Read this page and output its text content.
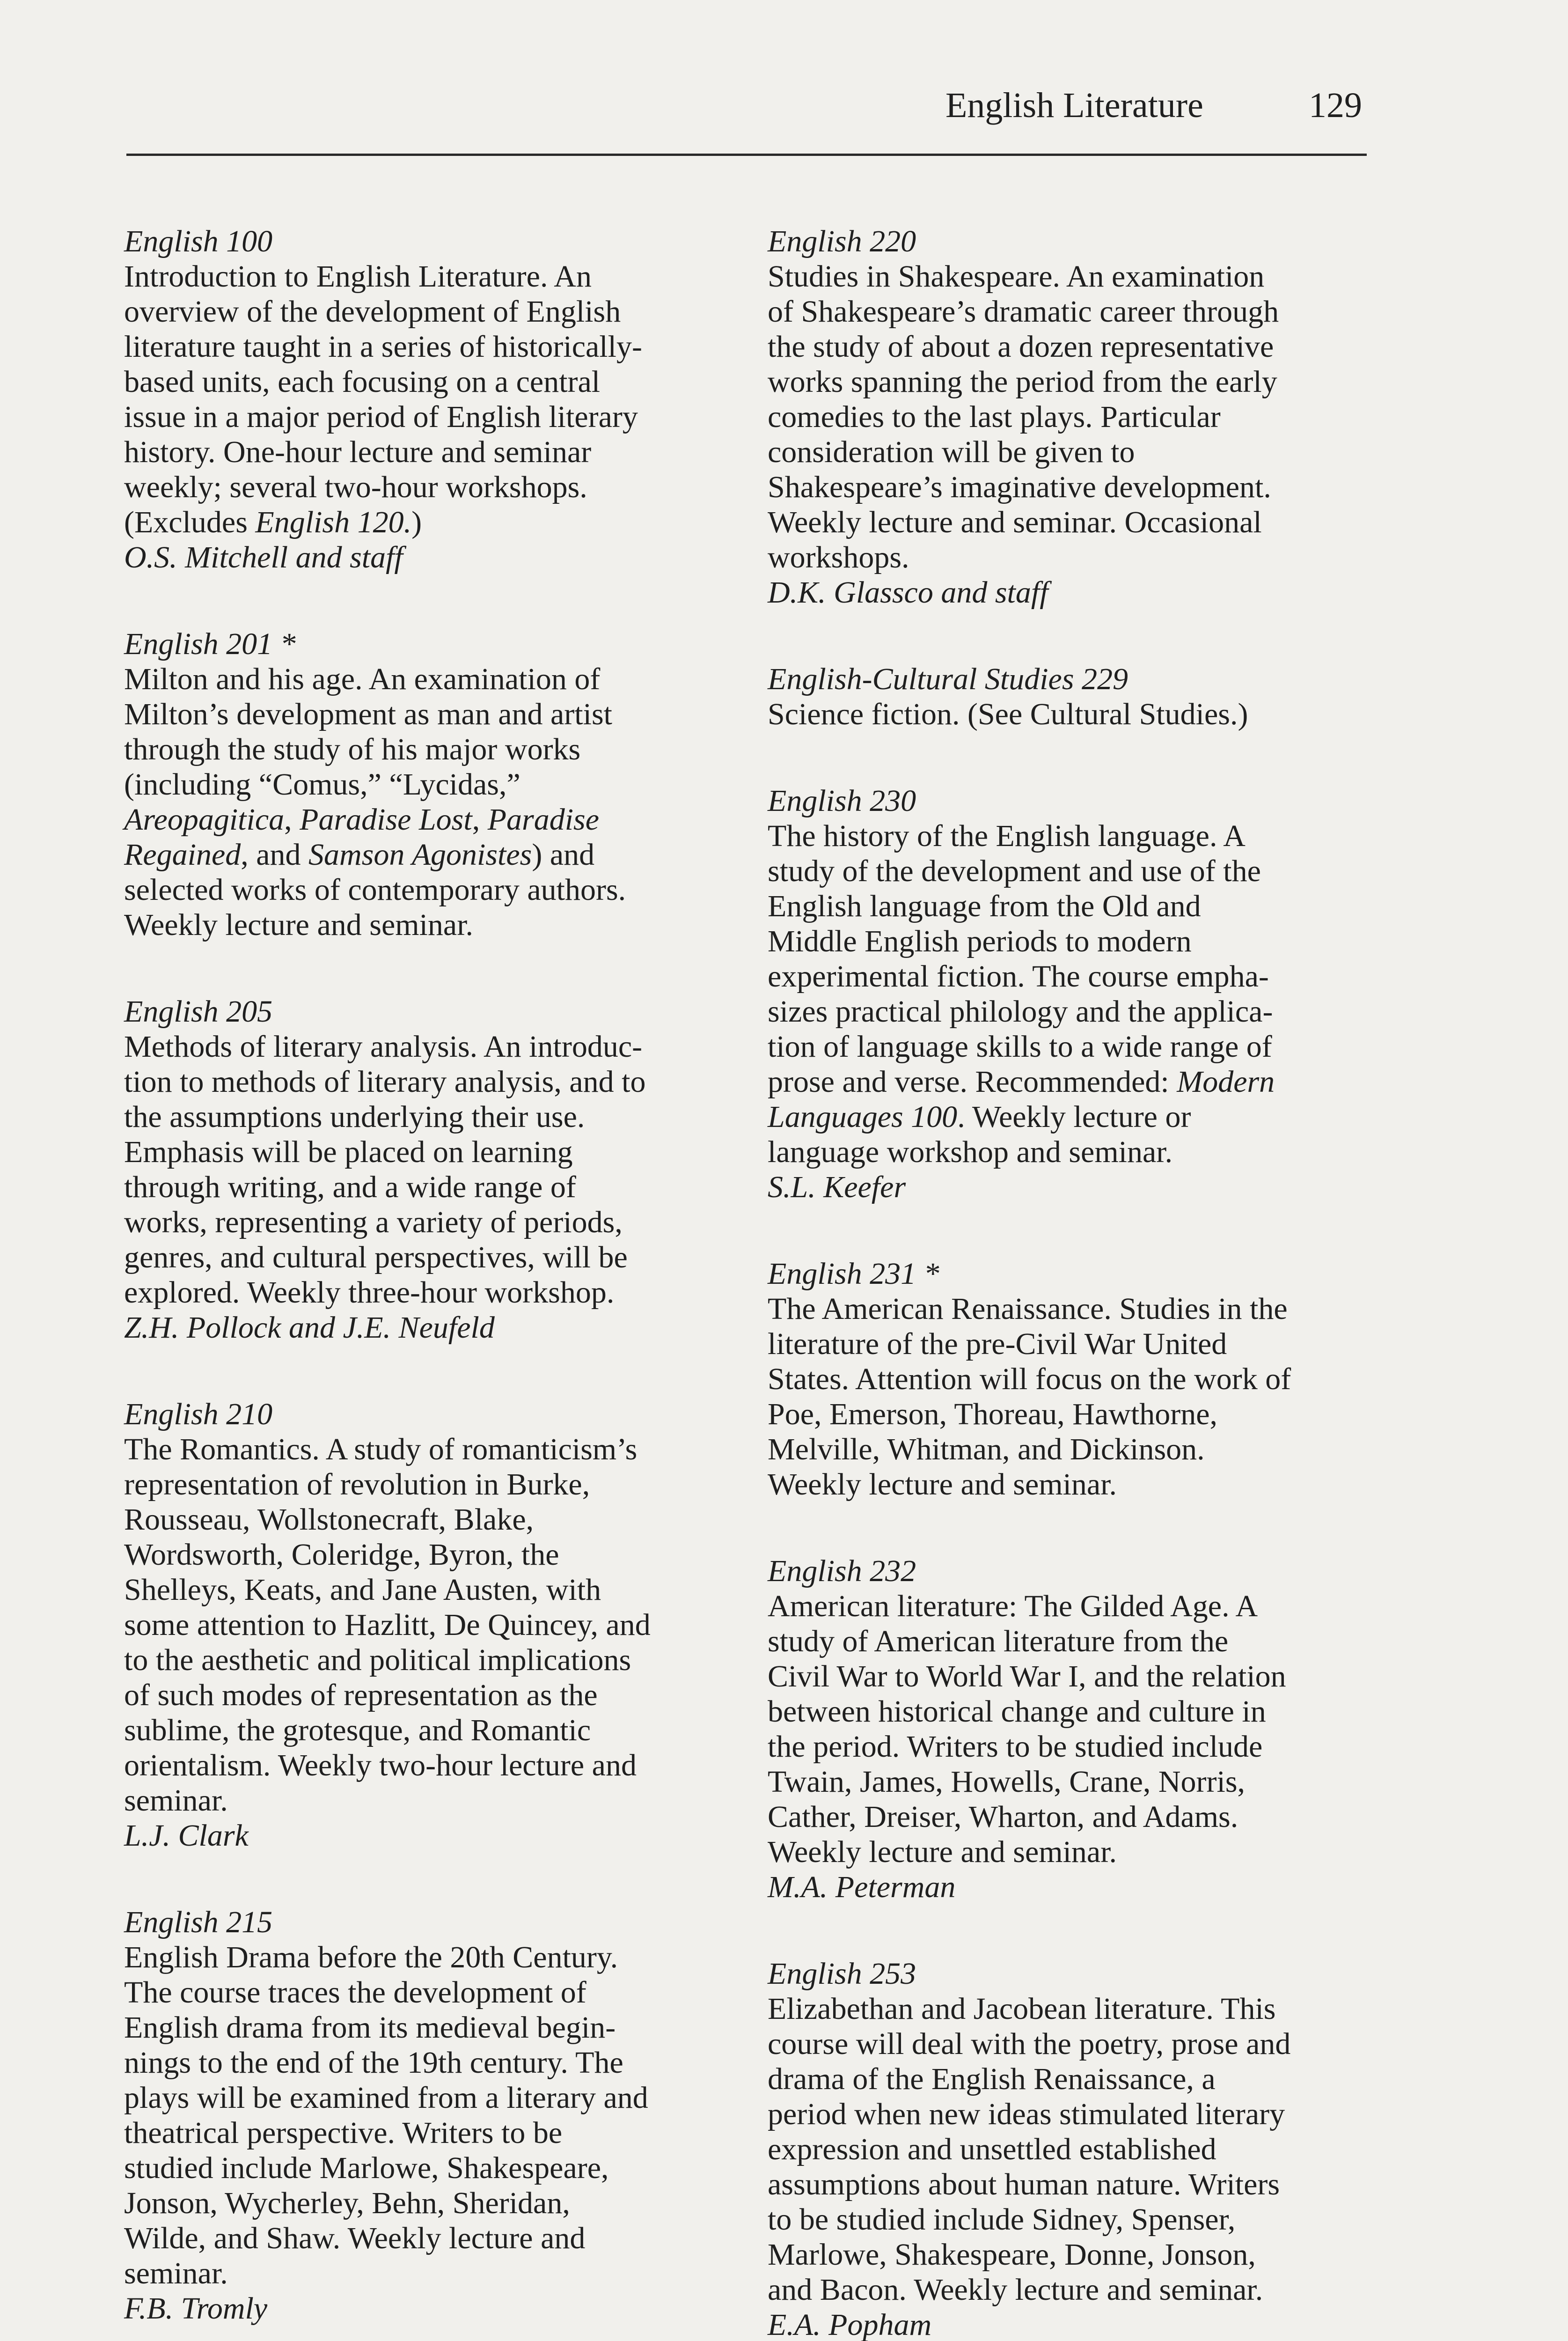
English Literature	129
English 100
Introduction to English Literature. An
overview of the development of English
literature taught in a series of historically-
based units, each focusing on a central
issue in a major period of English literary
history. One-hour lecture and seminar
weekly; several two-hour workshops.
(Excludes English 120.)
O.S. Mitchell and staff
English 201 *
Milton and his age. An examination of
Milton’s development as man and artist
through the study of his major works
(including “Comus,” “Lycidas,”
Areopagitica, Paradise Lost, Paradise
Regained, and Samson Agonistes) and
selected works of contemporary authors.
Weekly lecture and seminar.
English 205
Methods of literary analysis. An introduc-
tion to methods of literary analysis, and to
the assumptions underlying their use.
Emphasis will be placed on learning
through writing, and a wide range of
works, representing a variety of periods,
genres, and cultural perspectives, will be
explored. Weekly three-hour workshop.
Z.H. Pollock and J.E. Neufeld
English 210
The Romantics. A study of romanticism’s
representation of revolution in Burke,
Rousseau, Wollstonecraft, Blake,
Wordsworth, Coleridge, Byron, the
Shelleys, Keats, and Jane Austen, with
some attention to Hazlitt, De Quincey, and
to the aesthetic and political implications
of such modes of representation as the
sublime, the grotesque, and Romantic
orientalism. Weekly two-hour lecture and
seminar.
L.J. Clark
English 215
English Drama before the 20th Century.
The course traces the development of
English drama from its medieval begin-
nings to the end of the 19th century. The
plays will be examined from a literary and
theatrical perspective. Writers to be
studied include Marlowe, Shakespeare,
Jonson, Wycherley, Behn, Sheridan,
Wilde, and Shaw. Weekly lecture and
seminar.
F.B. Tromly
English 220
Studies in Shakespeare. An examination
of Shakespeare’s dramatic career through
the study of about a dozen representative
works spanning the period from the early
comedies to the last plays. Particular
consideration will be given to
Shakespeare’s imaginative development.
Weekly lecture and seminar. Occasional
workshops.
D.K. Glassco and staff
English-Cultural Studies 229
Science fiction. (See Cultural Studies.)
English 230
The history of the English language. A
study of the development and use of the
English language from the Old and
Middle English periods to modern
experimental fiction. The course empha-
sizes practical philology and the applica-
tion of language skills to a wide range of
prose and verse. Recommended: Modern
Languages 100. Weekly lecture or
language workshop and seminar.
S.L. Keefer
English 231 *
The American Renaissance. Studies in the
literature of the pre-Civil War United
States. Attention will focus on the work of
Poe, Emerson, Thoreau, Hawthorne,
Melville, Whitman, and Dickinson.
Weekly lecture and seminar.
English 232
American literature: The Gilded Age. A
study of American literature from the
Civil War to World War I, and the relation
between historical change and culture in
the period. Writers to be studied include
Twain, James, Howells, Crane, Norris,
Cather, Dreiser, Wharton, and Adams.
Weekly lecture and seminar.
M.A. Peterman
English 253
Elizabethan and Jacobean literature. This
course will deal with the poetry, prose and
drama of the English Renaissance, a
period when new ideas stimulated literary
expression and unsettled established
assumptions about human nature. Writers
to be studied include Sidney, Spenser,
Marlowe, Shakespeare, Donne, Jonson,
and Bacon. Weekly lecture and seminar.
E.A. Popham
